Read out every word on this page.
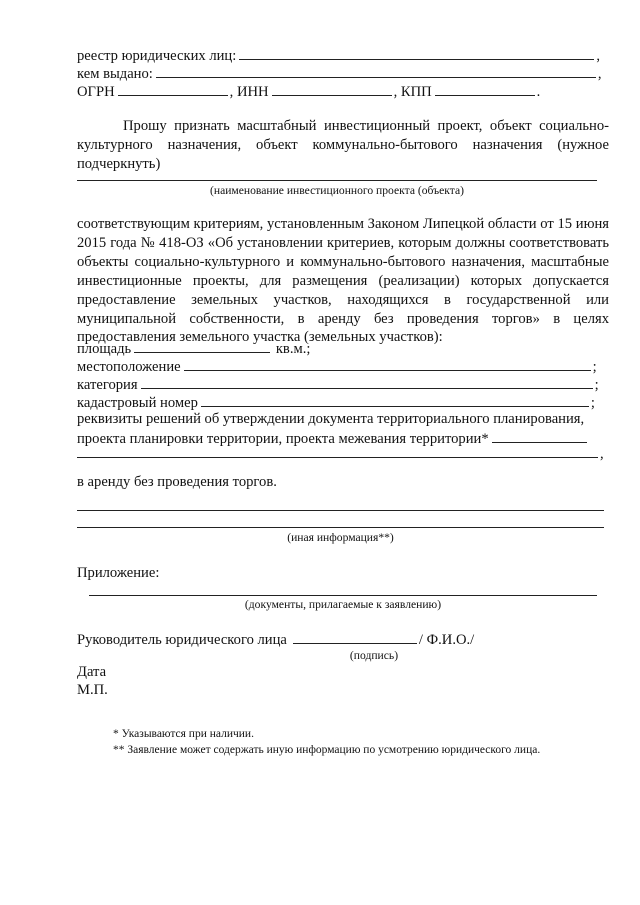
реестр юридических лиц:	,
кем выдано:	,
ОГРН	, ИНН	, КПП	.
Прошу признать масштабный инвестиционный проект, объект социально-культурного назначения, объект коммунально-бытового назначения (нужное подчеркнуть)
(наименование инвестиционного проекта (объекта)
соответствующим критериям, установленным Законом Липецкой области от 15 июня 2015 года № 418-ОЗ «Об установлении критериев, которым должны соответствовать объекты социально-культурного и коммунально-бытового назначения, масштабные инвестиционные проекты, для размещения (реализации) которых допускается предоставление земельных участков, находящихся в государственной или муниципальной собственности, в аренду без проведения торгов» в целях предоставления земельного участка (земельных участков):
площадь	кв.м.;
местоположение	;
категория	;
кадастровый номер	;
реквизиты решений об утверждении документа территориального планирования,
проекта планировки территории, проекта межевания территории*
,
в аренду без проведения торгов.
(иная информация**)
Приложение:
(документы, прилагаемые к заявлению)
Руководитель юридического лица	/ Ф.И.О./
(подпись)
Дата
М.П.
* Указываются при наличии.
** Заявление может содержать иную информацию по усмотрению юридического лица.
